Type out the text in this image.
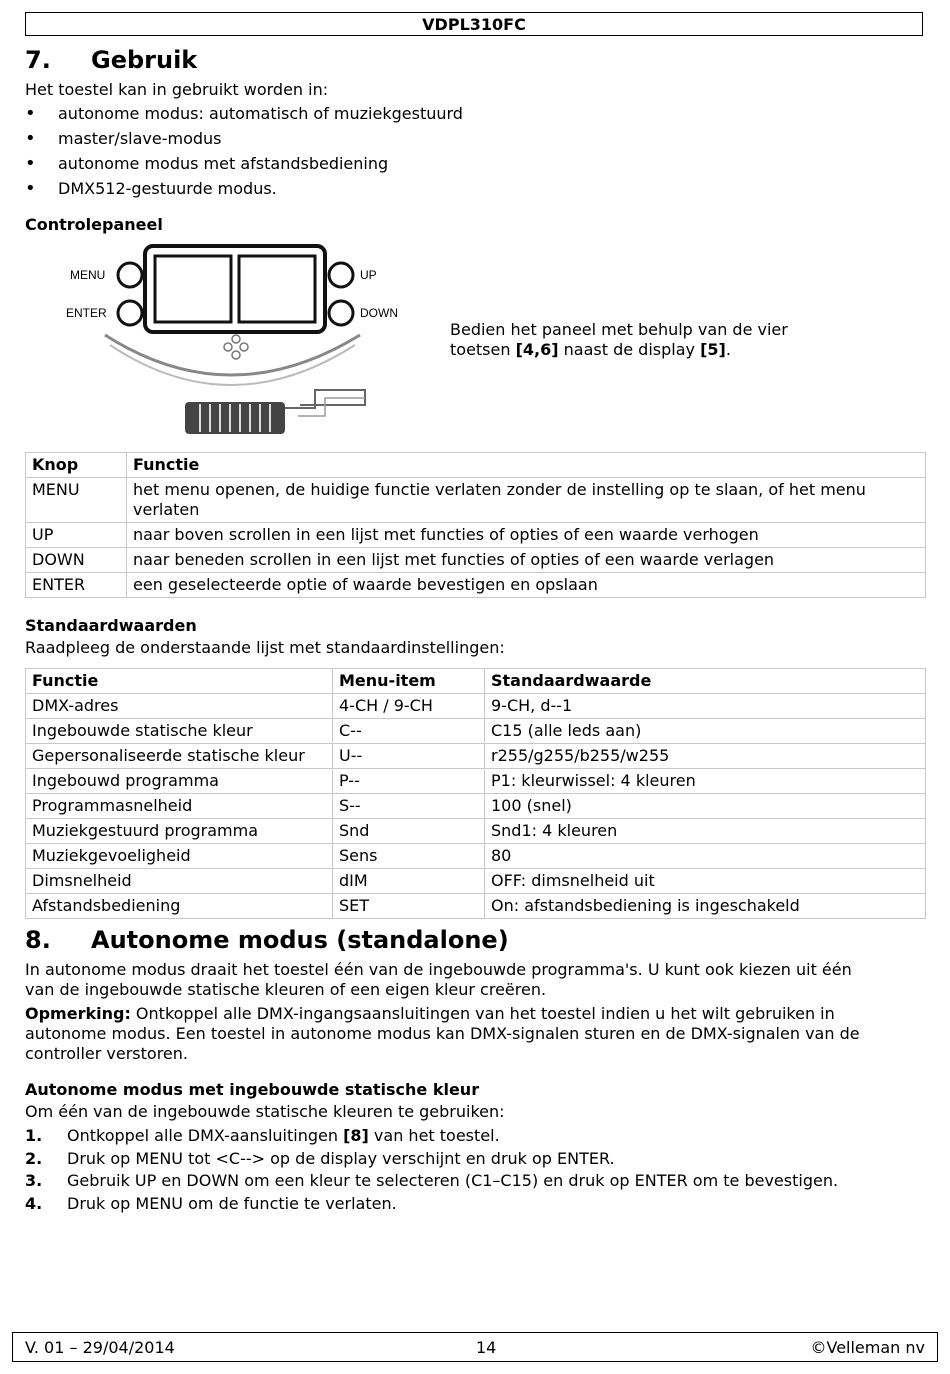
VDPL310FC
7. Gebruik
Het toestel kan in gebruikt worden in:
• autonome modus: automatisch of muziekgestuurd
• master/slave-modus
• autonome modus met afstandsbediening
• DMX512-gestuurde modus.
Controlepaneel
MENU
ENTER
UP
DOWN
Bedien het paneel met behulp van de vier
toetsen [4,6] naast de display [5].
Knop	Functie
MENU	het menu openen, de huidige functie verlaten zonder de instelling op te slaan, of het menu verlaten
UP	naar boven scrollen in een lijst met functies of opties of een waarde verhogen
DOWN	naar beneden scrollen in een lijst met functies of opties of een waarde verlagen
ENTER	een geselecteerde optie of waarde bevestigen en opslaan
Standaardwaarden
Raadpleeg de onderstaande lijst met standaardinstellingen:
Functie	Menu-item	Standaardwaarde
DMX-adres	4-CH / 9-CH	9-CH, d--1
Ingebouwde statische kleur	C--	C15 (alle leds aan)
Gepersonaliseerde statische kleur	U--	r255/g255/b255/w255
Ingebouwd programma	P--	P1: kleurwissel: 4 kleuren
Programmasnelheid	S--	100 (snel)
Muziekgestuurd programma	Snd	Snd1: 4 kleuren
Muziekgevoeligheid	Sens	80
Dimsnelheid	dIM	OFF: dimsnelheid uit
Afstandsbediening	SET	On: afstandsbediening is ingeschakeld
8. Autonome modus (standalone)
In autonome modus draait het toestel één van de ingebouwde programma's. U kunt ook kiezen uit één
van de ingebouwde statische kleuren of een eigen kleur creëren.
Opmerking: Ontkoppel alle DMX-ingangsaansluitingen van het toestel indien u het wilt gebruiken in
autonome modus. Een toestel in autonome modus kan DMX-signalen sturen en de DMX-signalen van de
controller verstoren.
Autonome modus met ingebouwde statische kleur
Om één van de ingebouwde statische kleuren te gebruiken:
1. Ontkoppel alle DMX-aansluitingen [8] van het toestel.
2. Druk op MENU tot <C--> op de display verschijnt en druk op ENTER.
3. Gebruik UP en DOWN om een kleur te selecteren (C1–C15) en druk op ENTER om te bevestigen.
4. Druk op MENU om de functie te verlaten.
V. 01 – 29/04/2014	14	©Velleman nv
